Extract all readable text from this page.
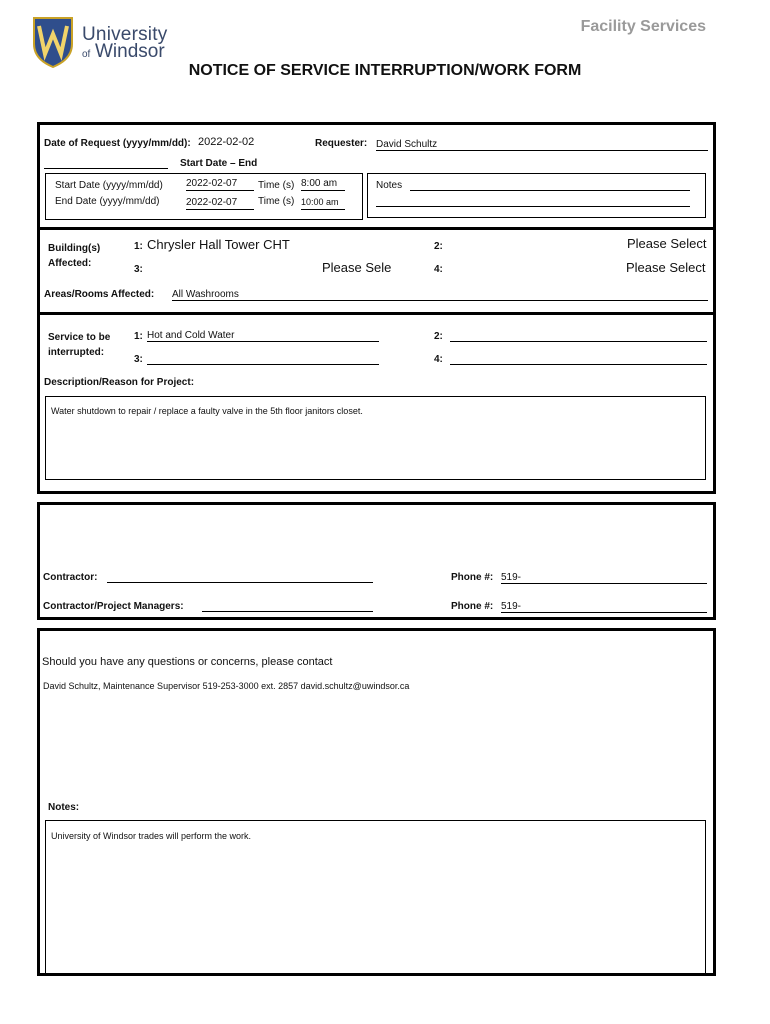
University
of Windsor
Facility Services
NOTICE OF SERVICE INTERRUPTION/WORK FORM
Date of Request (yyyy/mm/dd): 2022-02-02	Requester: David Schultz
Start Date – End
Start Date (yyyy/mm/dd) 2022-02-07	Time (s) 8:00 am
End Date (yyyy/mm/dd)	2022-02-07	Time (s) 10:00 am
Notes
Building(s)
Affected:
1: Chrysler Hall Tower CHT	2:	Please Select
3:	Please Sele	4:	Please Select
Areas/Rooms Affected: All Washrooms
Service to be
interrupted:
1: Hot and Cold Water	2:
3:	4:
Description/Reason for Project:
Water shutdown to repair / replace a faulty valve in the 5th floor janitors closet.
Contractor:	Phone #: 519-
Contractor/Project Managers:	Phone #: 519-
Should you have any questions or concerns, please contact
David Schultz, Maintenance Supervisor 519-253-3000 ext. 2857 david.schultz@uwindsor.ca
Notes:
University of Windsor trades will perform the work.
